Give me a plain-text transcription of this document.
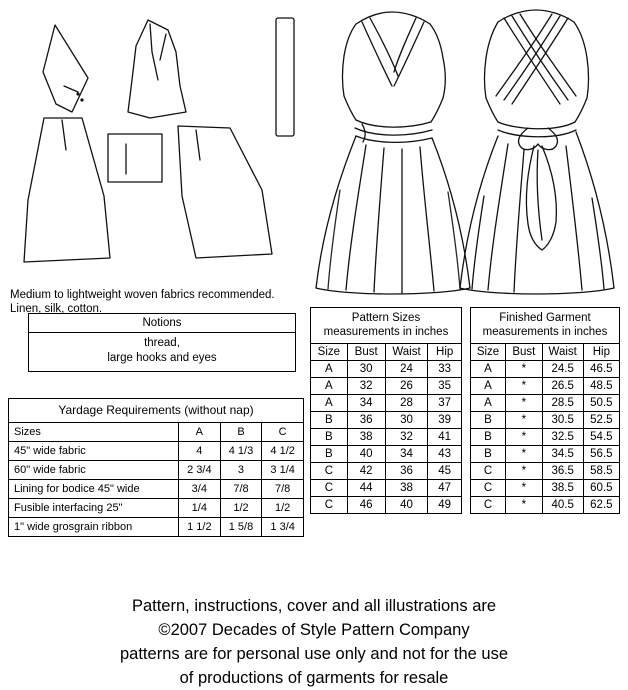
Medium to lightweight woven fabrics recommended.
Linen, silk, cotton.
Notions
thread,
large hooks and eyes
Yardage Requirements (without nap)
Sizes	A	B	C
45" wide fabric	4	4 1/3	4 1/2
60" wide fabric	2 3/4	3	3 1/4
Lining for bodice 45" wide	3/4	7/8	7/8
Fusible interfacing 25"	1/4	1/2	1/2
1" wide grosgrain ribbon	1 1/2	1 5/8	1 3/4
Pattern Sizes
measurements in inches
Size	Bust	Waist	Hip
A	30	24	33
A	32	26	35
A	34	28	37
B	36	30	39
B	38	32	41
B	40	34	43
C	42	36	45
C	44	38	47
C	46	40	49
Finished Garment
measurements in inches
Size	Bust	Waist	Hip
A	*	24.5	46.5
A	*	26.5	48.5
A	*	28.5	50.5
B	*	30.5	52.5
B	*	32.5	54.5
B	*	34.5	56.5
C	*	36.5	58.5
C	*	38.5	60.5
C	*	40.5	62.5
Pattern, instructions, cover and all illustrations are
©2007 Decades of Style Pattern Company
patterns are for personal use only and not for the use
of productions of garments for resale
